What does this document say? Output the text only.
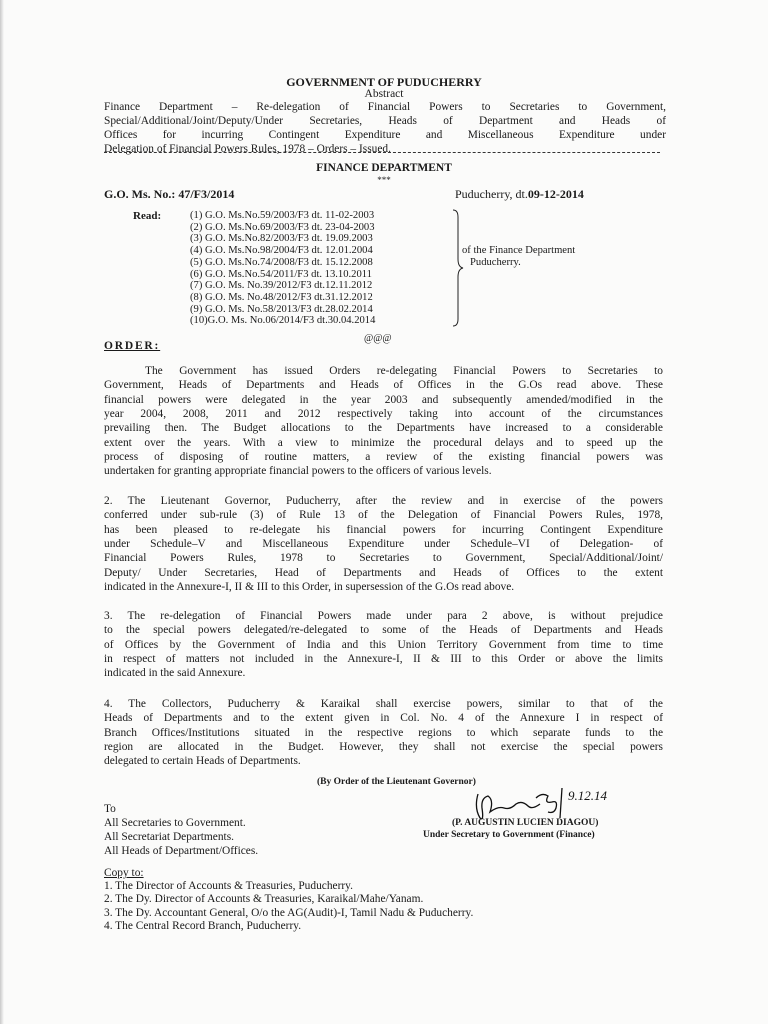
GOVERNMENT OF PUDUCHERRY
Abstract
Finance Department – Re-delegation of Financial Powers to Secretaries to Government,
Special/Additional/Joint/Deputy/Under Secretaries, Heads of Department and Heads of
Offices for incurring Contingent Expenditure and Miscellaneous Expenditure under
Delegation of Financial Powers Rules, 1978 – Orders – Issued.
FINANCE DEPARTMENT
***
G.O. Ms. No.: 47/F3/2014	Puducherry, dt.09-12-2014
Read:	(1) G.O. Ms.No.59/2003/F3 dt. 11-02-2003
(2) G.O. Ms.No.69/2003/F3 dt. 23-04-2003
(3) G.O. Ms.No.82/2003/F3 dt. 19.09.2003
(4) G.O. Ms.No.98/2004/F3 dt. 12.01.2004
(5) G.O. Ms.No.74/2008/F3 dt. 15.12.2008
(6) G.O. Ms.No.54/2011/F3 dt. 13.10.2011
(7) G.O. Ms. No.39/2012/F3 dt.12.11.2012
(8) G.O. Ms. No.48/2012/F3 dt.31.12.2012
(9) G.O. Ms. No.58/2013/F3 dt.28.02.2014
(10)G.O. Ms. No.06/2014/F3 dt.30.04.2014
of the Finance Department
Puducherry.
@@@
ORDER:
The Government has issued Orders re-delegating Financial Powers to Secretaries to
Government, Heads of Departments and Heads of Offices in the G.Os read above. These
financial powers were delegated in the year 2003 and subsequently amended/modified in the
year 2004, 2008, 2011 and 2012 respectively taking into account of the circumstances
prevailing then. The Budget allocations to the Departments have increased to a considerable
extent over the years. With a view to minimize the procedural delays and to speed up the
process of disposing of routine matters, a review of the existing financial powers was
undertaken for granting appropriate financial powers to the officers of various levels.
2. The Lieutenant Governor, Puducherry, after the review and in exercise of the powers
conferred under sub-rule (3) of Rule 13 of the Delegation of Financial Powers Rules, 1978,
has been pleased to re-delegate his financial powers for incurring Contingent Expenditure
under Schedule–V and Miscellaneous Expenditure under Schedule–VI of Delegation- of
Financial Powers Rules, 1978 to Secretaries to Government, Special/Additional/Joint/
Deputy/ Under Secretaries, Head of Departments and Heads of Offices to the extent
indicated in the Annexure-I, II & III to this Order, in supersession of the G.Os read above.
3. The re-delegation of Financial Powers made under para 2 above, is without prejudice
to the special powers delegated/re-delegated to some of the Heads of Departments and Heads
of Offices by the Government of India and this Union Territory Government from time to time
in respect of matters not included in the Annexure-I, II & III to this Order or above the limits
indicated in the said Annexure.
4. The Collectors, Puducherry & Karaikal shall exercise powers, similar to that of the
Heads of Departments and to the extent given in Col. No. 4 of the Annexure I in respect of
Branch Offices/Institutions situated in the respective regions to which separate funds to the
region are allocated in the Budget. However, they shall not exercise the special powers
delegated to certain Heads of Departments.
(By Order of the Lieutenant Governor)
9.12.14
(P. AUGUSTIN LUCIEN DIAGOU)
Under Secretary to Government (Finance)
To
All Secretaries to Government.
All Secretariat Departments.
All Heads of Department/Offices.
Copy to:
1. The Director of Accounts & Treasuries, Puducherry.
2. The Dy. Director of Accounts & Treasuries, Karaikal/Mahe/Yanam.
3. The Dy. Accountant General, O/o the AG(Audit)-I, Tamil Nadu & Puducherry.
4. The Central Record Branch, Puducherry.
